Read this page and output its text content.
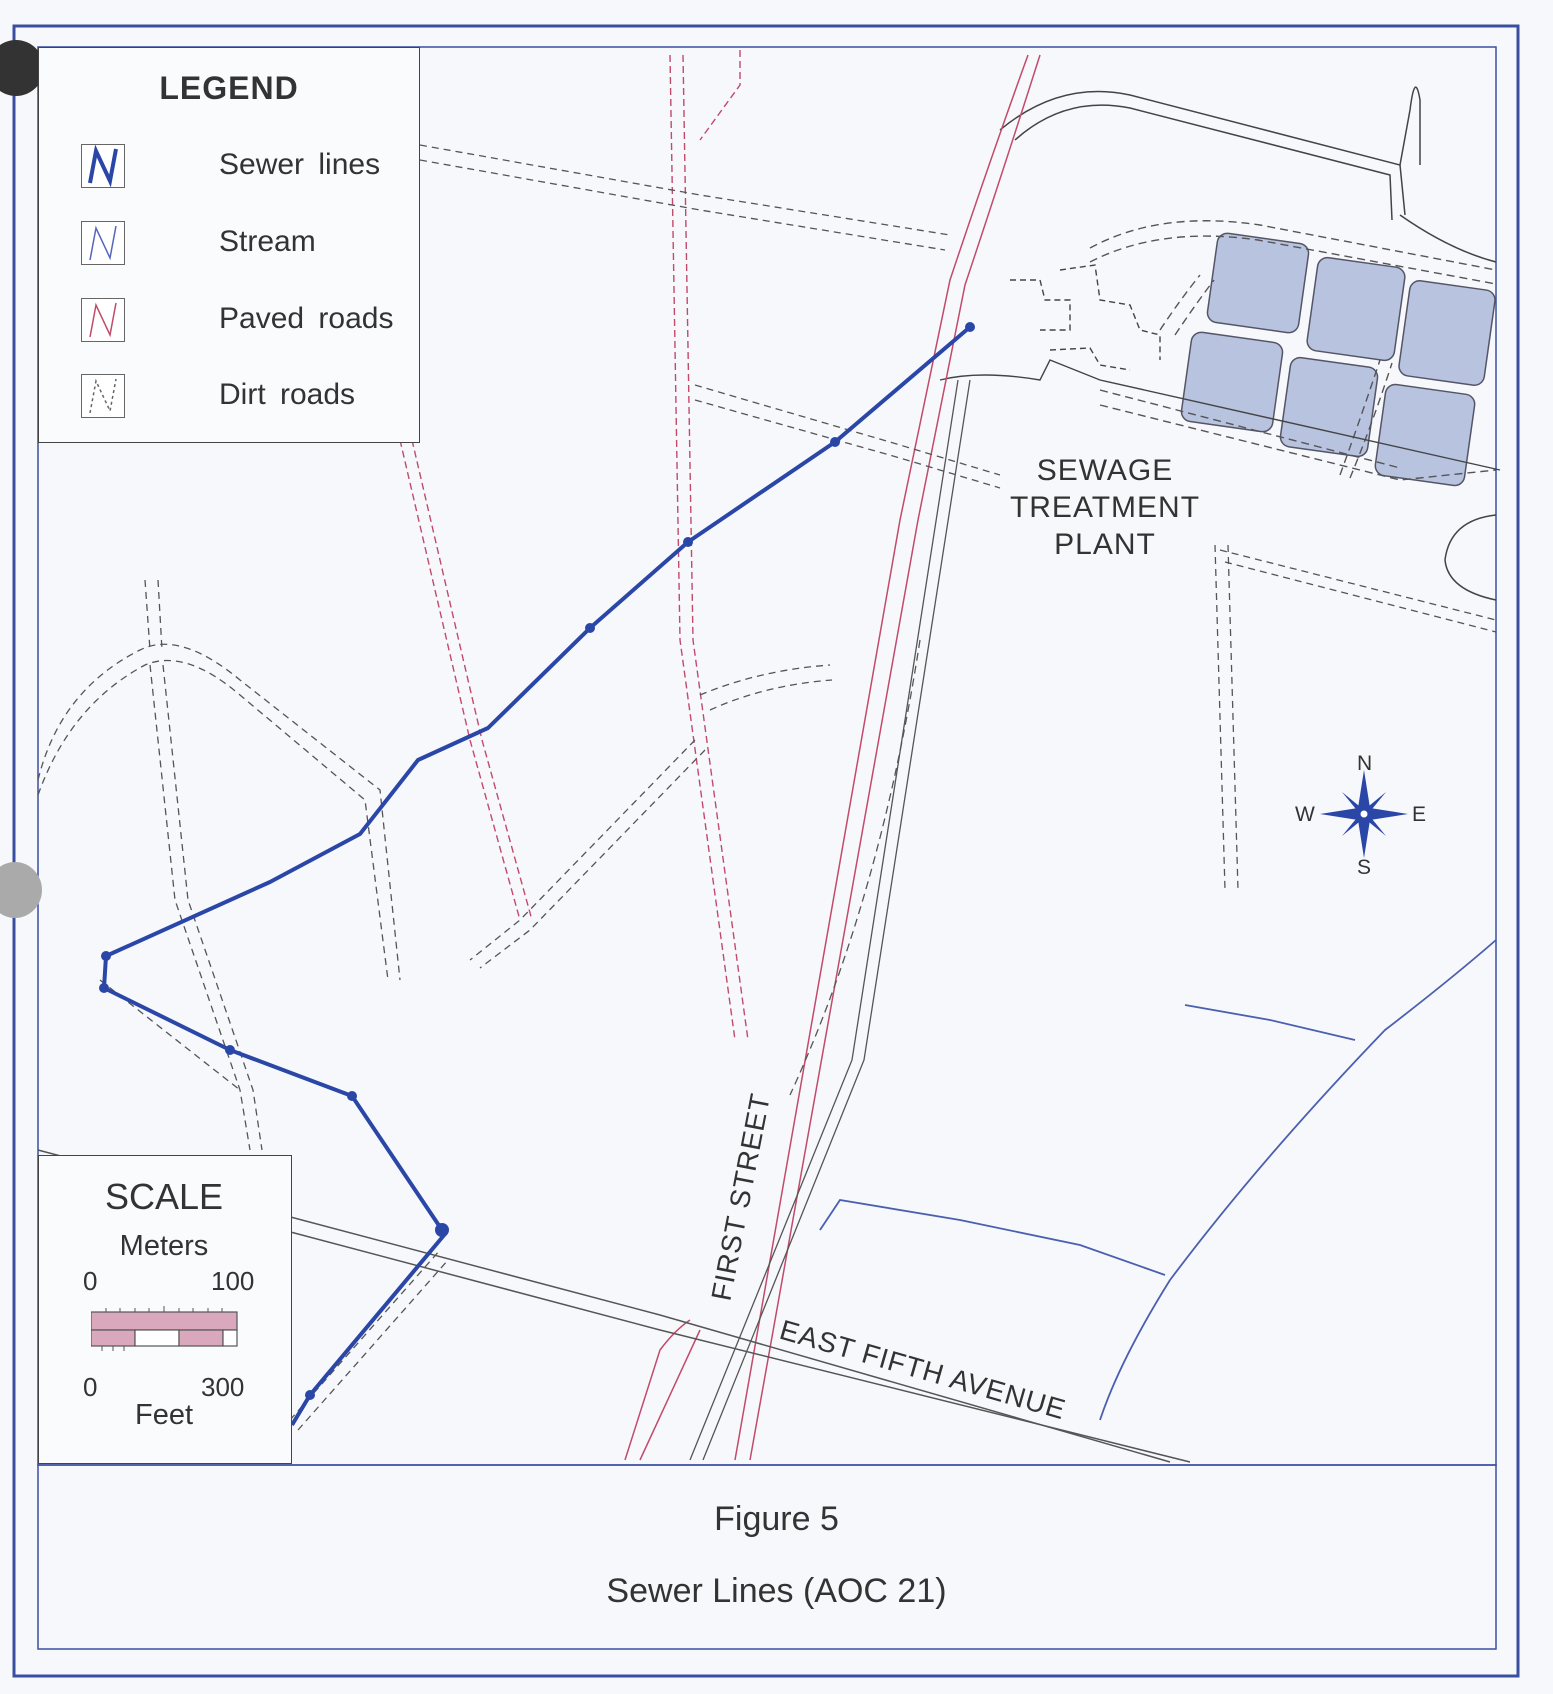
FIRST STREET
EAST FIFTH AVENUE
LEGEND
Sewer lines
Stream
Paved roads
Dirt roads
SCALE
Meters
0	100
0	300
Feet
SEWAGE
TREATMENT
PLANT
N
S
E
W
Figure 5
Sewer Lines (AOC 21)
